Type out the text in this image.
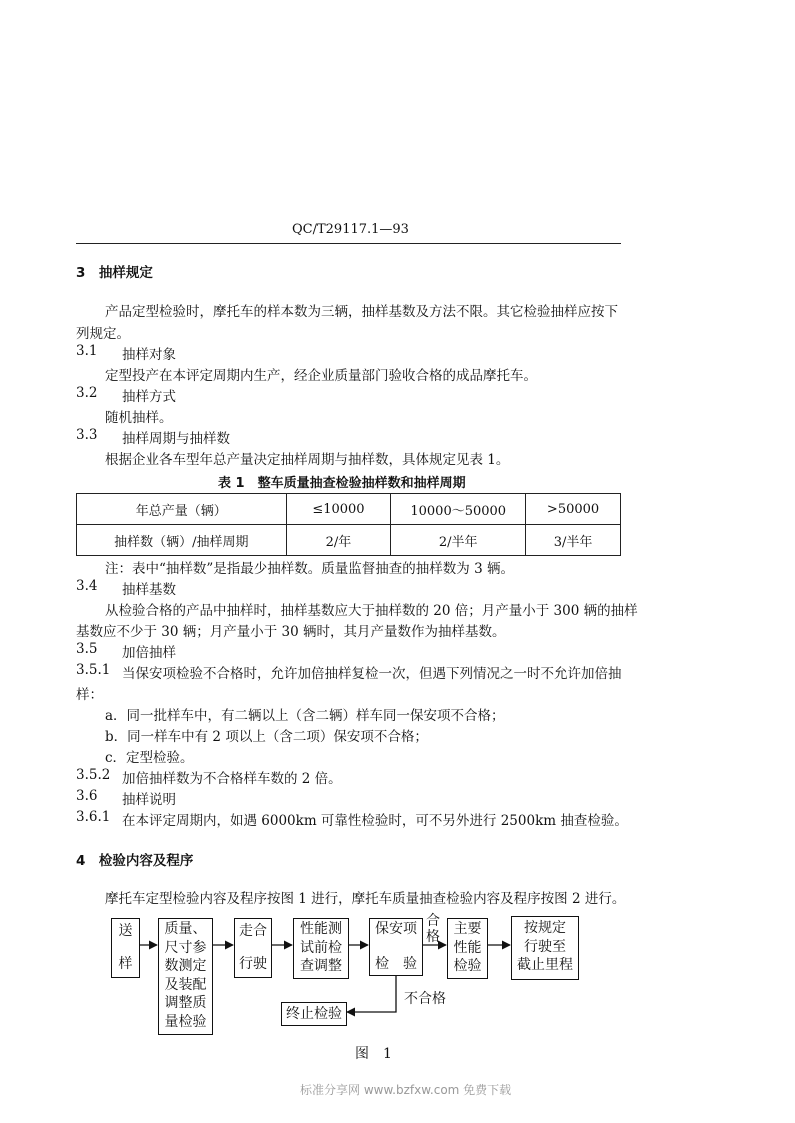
QC/T29117.1—93
3　抽样规定
产品定型检验时，摩托车的样本数为三辆，抽样基数及方法不限。其它检验抽样应按下
列规定。
3.1 抽样对象
定型投产在本评定周期内生产，经企业质量部门验收合格的成品摩托车。
3.2 抽样方式
随机抽样。
3.3 抽样周期与抽样数
根据企业各车型年总产量决定抽样周期与抽样数，具体规定见表 1。
表 1　整车质量抽查检验抽样数和抽样周期
年总产量（辆）	≤10000	10000～50000	>50000
抽样数（辆）/抽样周期	2/年	2/半年	3/半年
注：表中“抽样数”是指最少抽样数。质量监督抽查的抽样数为 3 辆。
3.4 抽样基数
从检验合格的产品中抽样时，抽样基数应大于抽样数的 20 倍；月产量小于 300 辆的抽样
基数应不少于 30 辆；月产量小于 30 辆时，其月产量数作为抽样基数。
3.5 加倍抽样
3.5.1 当保安项检验不合格时，允许加倍抽样复检一次，但遇下列情况之一时不允许加倍抽
样：
a．同一批样车中，有二辆以上（含二辆）样车同一保安项不合格；
b．同一样车中有 2 项以上（含二项）保安项不合格；
c．定型检验。
3.5.2 加倍抽样数为不合格样车数的 2 倍。
3.6 抽样说明
3.6.1 在本评定周期内，如遇 6000km 可靠性检验时，可不另外进行 2500km 抽查检验。
4　检验内容及程序
摩托车定型检验内容及程序按图 1 进行，摩托车质量抽查检验内容及程序按图 2 进行。
送
样
质量、
尺寸参
数测定
及装配
调整质
量检验
走合
行驶
性能测
试前检
查调整
保安项
检　验
合
格 主要
性能
检验
按规定
行驶至
截止里程
不合格
终止检验
图　1
标准分享网 www.bzfxw.com 免费下载
